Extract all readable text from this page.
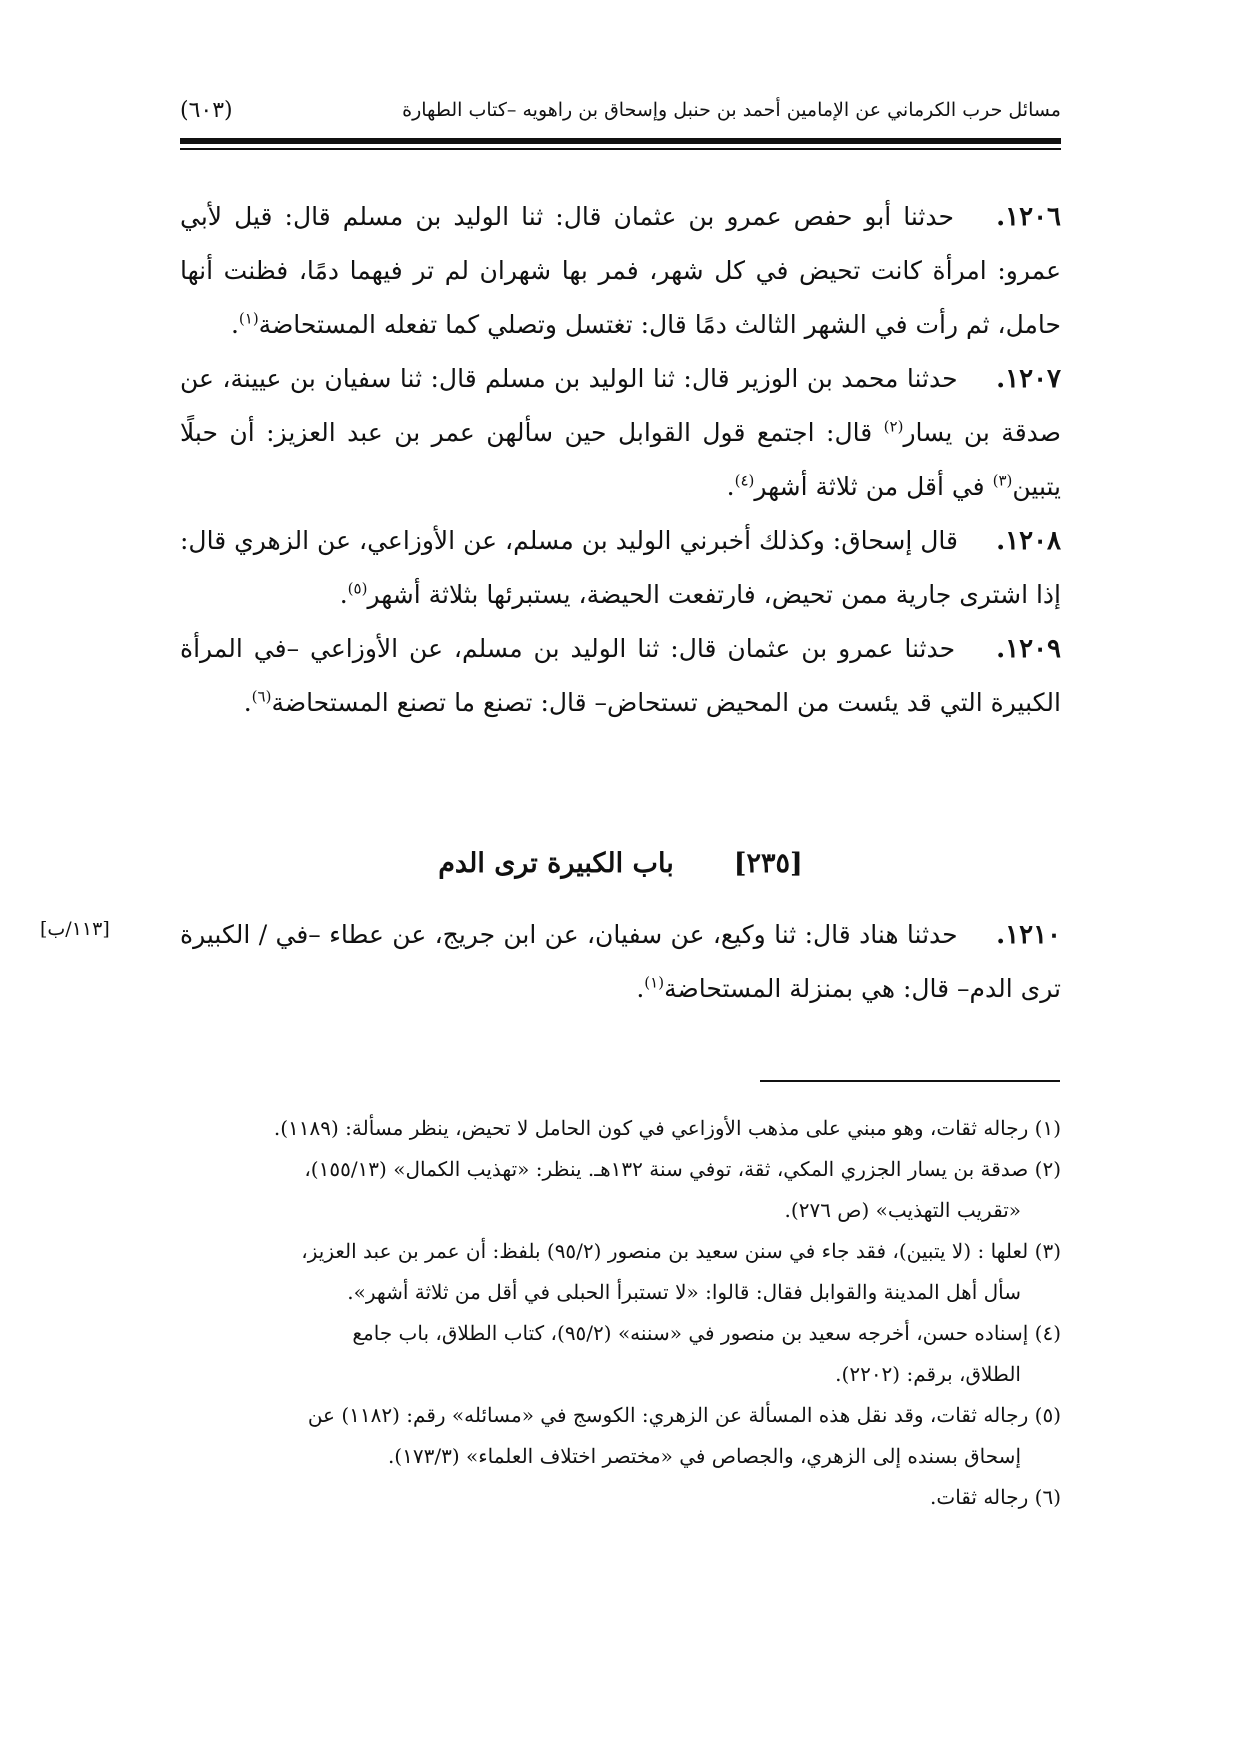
مسائل حرب الكرماني عن الإمامين أحمد بن حنبل وإسحاق بن راهويه –كتاب الطهارة
(٦٠٣)

١٢٠٦. حدثنا أبو حفص عمرو بن عثمان قال: ثنا الوليد بن مسلم قال: قيل لأبي عمرو: امرأة كانت تحيض في كل شهر، فمر بها شهران لم تر فيهما دمًا، فظنت أنها حامل، ثم رأت في الشهر الثالث دمًا قال: تغتسل وتصلي كما تفعله المستحاضة$^{(١)}$.

١٢٠٧. حدثنا محمد بن الوزير قال: ثنا الوليد بن مسلم قال: ثنا سفيان بن عيينة، عن صدقة بن يسار$^{(٢)}$ قال: اجتمع قول القوابل حين سألهن عمر بن عبد العزيز: أن حبلًا يتبين$^{(٣)}$ في أقل من ثلاثة أشهر$^{(٤)}$.

١٢٠٨. قال إسحاق: وكذلك أخبرني الوليد بن مسلم، عن الأوزاعي، عن الزهري قال: إذا اشترى جارية ممن تحيض، فارتفعت الحيضة، يستبرئها بثلاثة أشهر$^{(٥)}$.

١٢٠٩. حدثنا عمرو بن عثمان قال: ثنا الوليد بن مسلم، عن الأوزاعي –في المرأة الكبيرة التي قد يئست من المحيض تستحاض– قال: تصنع ما تصنع المستحاضة$^{(٦)}$.

[٢٣٥]
باب الكبيرة ترى الدم

١٢١٠. حدثنا هناد قال: ثنا وكيع، عن سفيان، عن ابن جريج، عن عطاء –في / الكبيرة ترى الدم– قال: هي بمنزلة المستحاضة$^{(١)}$.

[١١٣/ب]
(١) رجاله ثقات، وهو مبني على مذهب الأوزاعي في كون الحامل لا تحيض، ينظر مسألة: (١١٨٩).
(٢) صدقة بن يسار الجزري المكي، ثقة، توفي سنة ١٣٢هـ. ينظر: «تهذيب الكمال» (١٥٥/١٣)،
«تقريب التهذيب» (ص ٢٧٦).
(٣) لعلها : (لا يتبين)، فقد جاء في سنن سعيد بن منصور (٩٥/٢) بلفظ: أن عمر بن عبد العزيز،
سأل أهل المدينة والقوابل فقال: قالوا: «لا تستبرأ الحبلى في أقل من ثلاثة أشهر».
(٤) إسناده حسن، أخرجه سعيد بن منصور في «سننه» (٩٥/٢)، كتاب الطلاق، باب جامع
الطلاق، برقم: (٢٢٠٢).
(٥) رجاله ثقات، وقد نقل هذه المسألة عن الزهري: الكوسج في «مسائله» رقم: (١١٨٢) عن
إسحاق بسنده إلى الزهري، والجصاص في «مختصر اختلاف العلماء» (١٧٣/٣).
(٦) رجاله ثقات.
